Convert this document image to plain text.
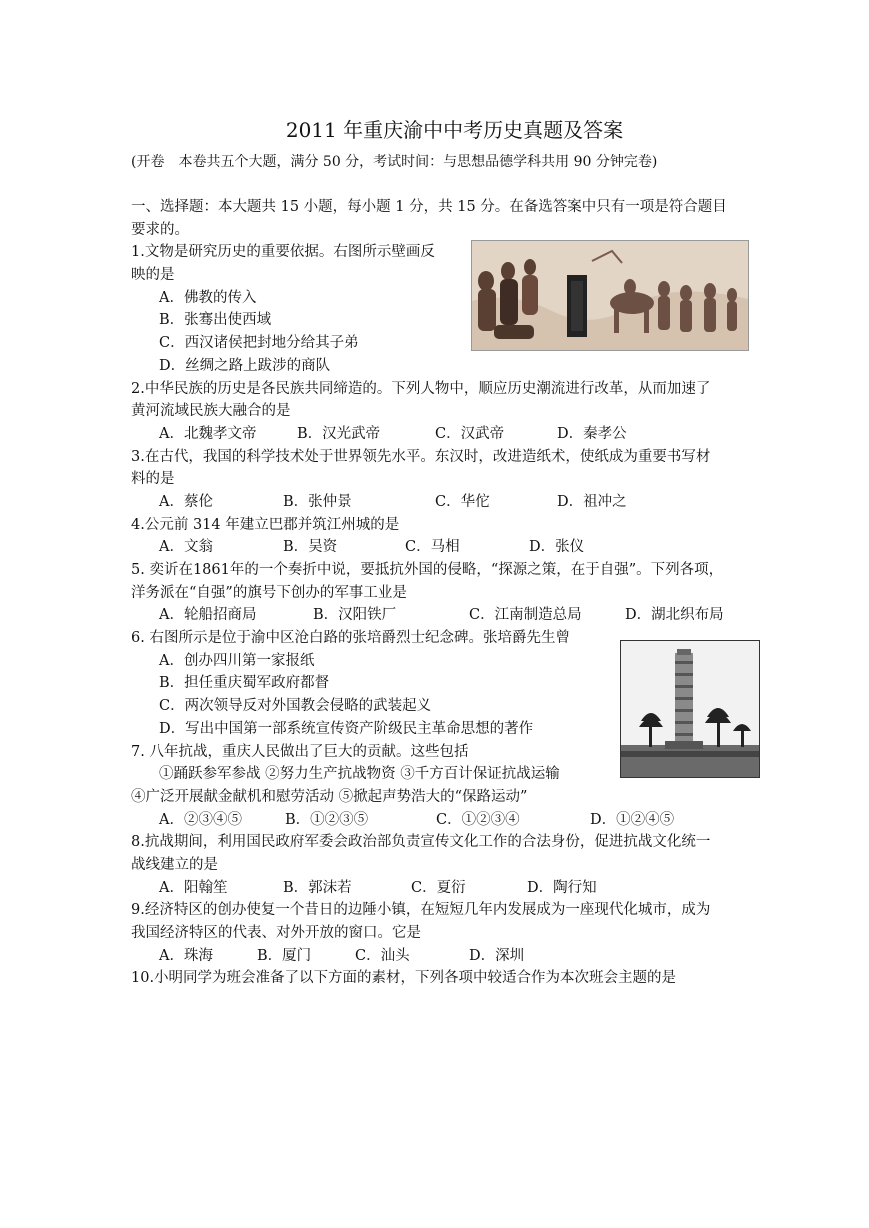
2011 年重庆渝中中考历史真题及答案
(开卷　本卷共五个大题，满分 50 分，考试时间：与思想品德学科共用 90 分钟完卷)
一、选择题：本大题共 15 小题，每小题 1 分，共 15 分。在备选答案中只有一项是符合题目
要求的。
1.文物是研究历史的重要依据。右图所示壁画反
映的是
A．佛教的传入
B．张骞出使西域
C．西汉诸侯把封地分给其子弟
D．丝绸之路上跋涉的商队
2.中华民族的历史是各民族共同缔造的。下列人物中，顺应历史潮流进行改革，从而加速了
黄河流域民族大融合的是
A．北魏孝文帝	B．汉光武帝	C．汉武帝	D．秦孝公
3.在古代，我国的科学技术处于世界领先水平。东汉时，改进造纸术，使纸成为重要书写材
料的是
A．蔡伦	B．张仲景	C．华佗	D．祖冲之
4.公元前 314 年建立巴郡并筑江州城的是
A．文翁	B．吴资	C．马相	D．张仪
5. 奕䜣在1861年的一个奏折中说，要抵抗外国的侵略，“探源之策，在于自强”。下列各项，
洋务派在“自强”的旗号下创办的军事工业是
A．轮船招商局	B．汉阳铁厂	C．江南制造总局	D．湖北织布局
6. 右图所示是位于渝中区沧白路的张培爵烈士纪念碑。张培爵先生曾
A．创办四川第一家报纸
B．担任重庆蜀军政府都督
C．两次领导反对外国教会侵略的武装起义
D．写出中国第一部系统宣传资产阶级民主革命思想的著作
7. 八年抗战，重庆人民做出了巨大的贡献。这些包括
①踊跃参军参战 ②努力生产抗战物资 ③千方百计保证抗战运输
④广泛开展献金献机和慰劳活动 ⑤掀起声势浩大的“保路运动”
A．②③④⑤	B．①②③⑤	C．①②③④	D．①②④⑤
8.抗战期间，利用国民政府军委会政治部负责宣传文化工作的合法身份，促进抗战文化统一
战线建立的是
A．阳翰笙	B．郭沫若	C．夏衍	D．陶行知
9.经济特区的创办使复一个昔日的边陲小镇，在短短几年内发展成为一座现代化城市，成为
我国经济特区的代表、对外开放的窗口。它是
A．珠海	B．厦门	C．汕头	D．深圳
10.小明同学为班会准备了以下方面的素材，下列各项中较适合作为本次班会主题的是
